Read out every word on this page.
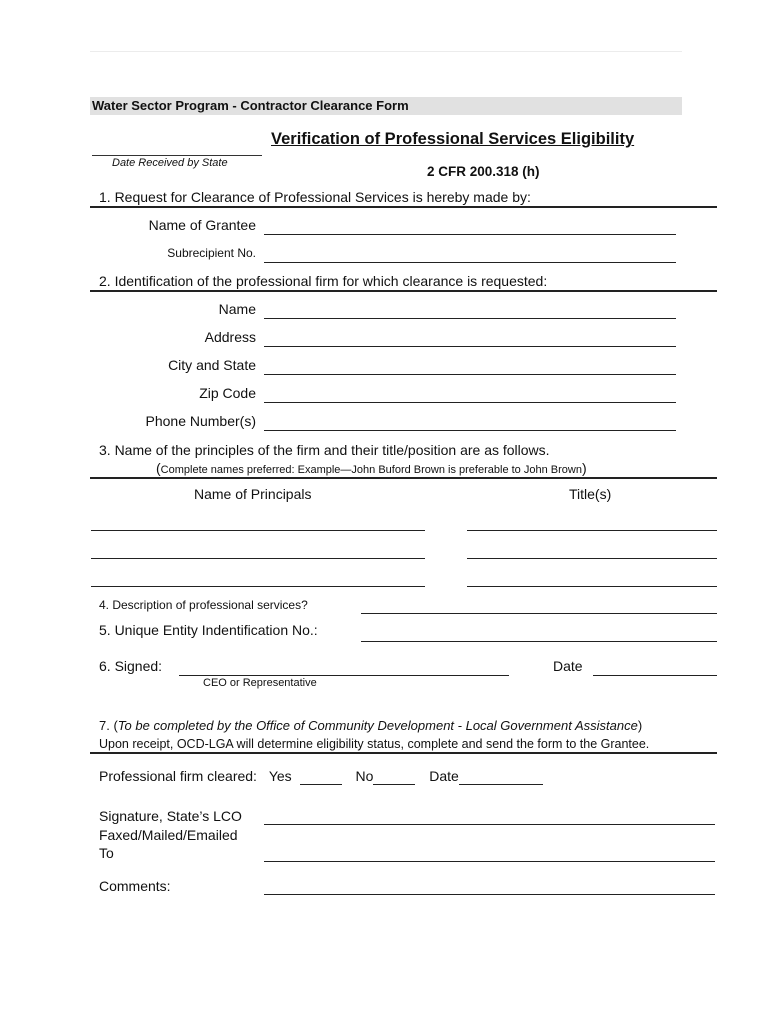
Water Sector Program - Contractor Clearance Form
Verification of Professional Services Eligibility
Date Received by State
2 CFR 200.318 (h)
1. Request for Clearance of Professional Services is hereby made by:
Name of Grantee
Subrecipient No.
2. Identification of the professional firm for which clearance is requested:
Name
Address
City and State
Zip Code
Phone Number(s)
3. Name of the principles of the firm and their title/position are as follows.
(Complete names preferred: Example—John Buford Brown is preferable to John Brown)
Name of Principals	Title(s)
4. Description of professional services?
5. Unique Entity Indentification No.:
6. Signed:
CEO or Representative
Date
7. (To be completed by the Office of Community Development - Local Government Assistance)
Upon receipt, OCD-LGA will determine eligibility status, complete and send the form to the Grantee.
Professional firm cleared: Yes	No	Date
Signature, State’s LCO
Faxed/Mailed/Emailed
To
Comments:
